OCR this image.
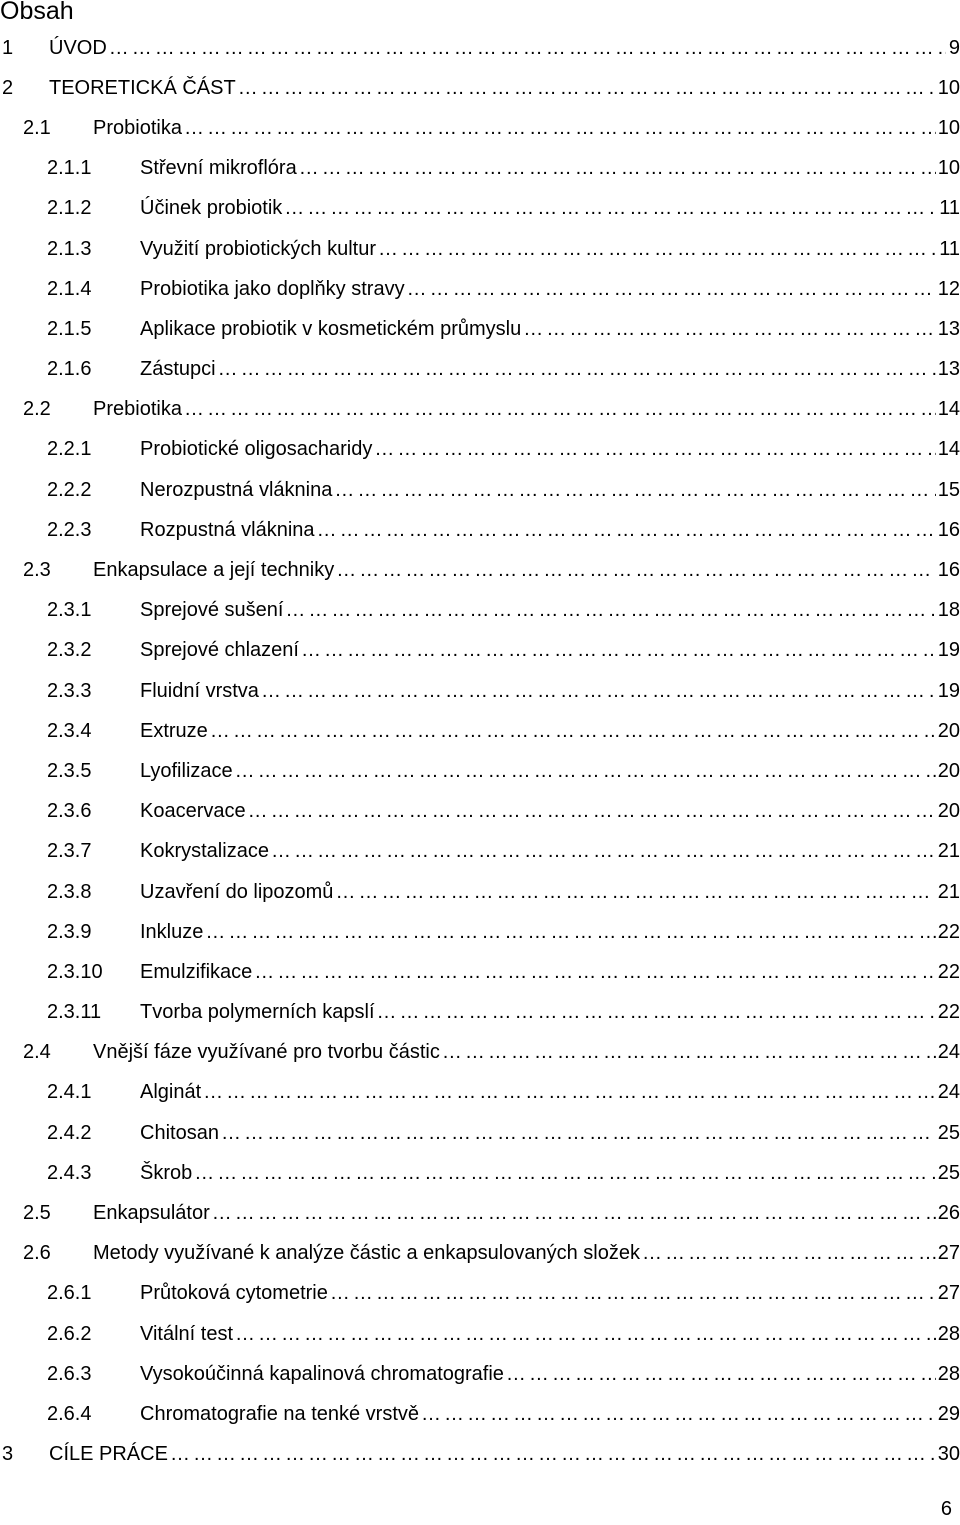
Obsah
1	ÚVOD …………………………………………………………………………………………………………………………………………………………………………	9
2	TEORETICKÁ ČÁST …………………………………………………………………………………………………………………………………………………………………………	10
2.1	Probiotika …………………………………………………………………………………………………………………………………………………………………………	10
2.1.1	Střevní mikroflóra …………………………………………………………………………………………………………………………………………………………………………	10
2.1.2	Účinek probiotik …………………………………………………………………………………………………………………………………………………………………………	11
2.1.3	Využití probiotických kultur …………………………………………………………………………………………………………………………………………………………………………	11
2.1.4	Probiotika jako doplňky stravy …………………………………………………………………………………………………………………………………………………………………………	12
2.1.5	Aplikace probiotik v kosmetickém průmyslu …………………………………………………………………………………………………………………………………………………………………………	13
2.1.6	Zástupci …………………………………………………………………………………………………………………………………………………………………………	13
2.2	Prebiotika …………………………………………………………………………………………………………………………………………………………………………	14
2.2.1	Probiotické oligosacharidy …………………………………………………………………………………………………………………………………………………………………………	14
2.2.2	Nerozpustná vláknina …………………………………………………………………………………………………………………………………………………………………………	15
2.2.3	Rozpustná vláknina …………………………………………………………………………………………………………………………………………………………………………	16
2.3	Enkapsulace a její techniky …………………………………………………………………………………………………………………………………………………………………………	16
2.3.1	Sprejové sušení …………………………………………………………………………………………………………………………………………………………………………	18
2.3.2	Sprejové chlazení …………………………………………………………………………………………………………………………………………………………………………	19
2.3.3	Fluidní vrstva …………………………………………………………………………………………………………………………………………………………………………	19
2.3.4	Extruze …………………………………………………………………………………………………………………………………………………………………………	20
2.3.5	Lyofilizace …………………………………………………………………………………………………………………………………………………………………………	20
2.3.6	Koacervace …………………………………………………………………………………………………………………………………………………………………………	20
2.3.7	Kokrystalizace …………………………………………………………………………………………………………………………………………………………………………	21
2.3.8	Uzavření do lipozomů …………………………………………………………………………………………………………………………………………………………………………	21
2.3.9	Inkluze …………………………………………………………………………………………………………………………………………………………………………	22
2.3.10	Emulzifikace …………………………………………………………………………………………………………………………………………………………………………	22
2.3.11	Tvorba polymerních kapslí …………………………………………………………………………………………………………………………………………………………………………	22
2.4	Vnější fáze využívané pro tvorbu částic …………………………………………………………………………………………………………………………………………………………………………	24
2.4.1	Alginát …………………………………………………………………………………………………………………………………………………………………………	24
2.4.2	Chitosan …………………………………………………………………………………………………………………………………………………………………………	25
2.4.3	Škrob …………………………………………………………………………………………………………………………………………………………………………	25
2.5	Enkapsulátor …………………………………………………………………………………………………………………………………………………………………………	26
2.6	Metody využívané k analýze částic a enkapsulovaných složek …………………………………………………………………………………………………………………………………………………………………………	27
2.6.1	Průtoková cytometrie …………………………………………………………………………………………………………………………………………………………………………	27
2.6.2	Vitální test …………………………………………………………………………………………………………………………………………………………………………	28
2.6.3	Vysokoúčinná kapalinová chromatografie …………………………………………………………………………………………………………………………………………………………………………	28
2.6.4	Chromatografie na tenké vrstvě …………………………………………………………………………………………………………………………………………………………………………	29
3	CÍLE PRÁCE …………………………………………………………………………………………………………………………………………………………………………	30
6
